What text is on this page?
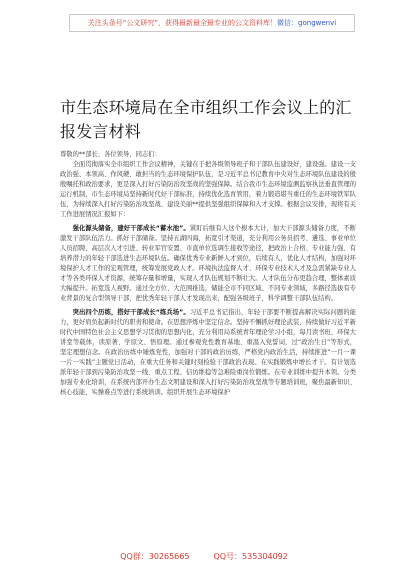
关注头条号“公文研究”，获得最新最全最专业的公文资料库！ 微信：gongwenvi
市生态环境局在全市组织工作会议上的汇报发言材料

尊敬的**部长、各位领导，同志们：

全面贯彻落实全市组织工作会议精神，关键在于把各级领导班子和干部队伍建设好，建设强。建设一支政治强、本领高、作风硬、敢担当的生态环境保护队伍，是习近平总书记教育中央对生态环境队伍建设的殷殷嘱托和政治要求，更是深入打好污染防治攻坚战的坚强保障。结合我市生态环境监测监察执法垂直管理的运行机制，市生态环境局坚持新时代好干部标准，持续优化选育管用，着力锻造堪当重任的生态环境铁军队伍，为持续深入打好污染防治攻坚战、建设美丽**提供坚强组织保障和人才支撑。根据会议安排，现将有关工作进展情况汇报如下：

强化源头储备，建好干部成长“蓄水池”。紧盯后继有人这个根本大计，加大干部源头储备力度，不断激发干部队伍活力。抓好干部储备。坚持五湖四海，拓宽引才渠道，充分利用公务员招考、遴选、事业单位人员招聘、高层次人才引进、转业军官安置、市直单位选调生接收等途径，把政治上合格、专业能力强、有培养潜力的年轻干部选进生态环境队伍。确保优秀专业新鲜人才到位，后续有人，优化人才结构，加强对环境保护人才工作的宏观管理，统筹发展党政人才。环境执法监督人才、环保专业技术人才及急需紧缺专业人才等各类环保人才资源，统筹存量和增量，实现人才队伍规划不断壮大。人才队伍分布更趋合理，整体素质大幅提升。拓宽选人视野。通过全方位、大范围推选，储能全市不同区域、不同专业领域，多路径选拔有专业背景的复合型领导干部，把优秀年轻干部人才发现出来，配强各级班子，科学调整干部队伍结构。

突出四个历练，搭好干部成长“练兵场”。习近平总书记指出，年轻干部要不断提高解决实际问题的能力，更好肩负起新时代的职责和使命。在思想淬炼中坚定信念。坚持不懈抓好理论武装，持续做好习近平新时代中国特色社会主义思想学习贯彻的思想内化，充分利用局系统青年理论学习小组，每月读书班、环保大讲堂等载体，读原著、学原文、悟原理。通过参观党性教育基地、重温入党誓词，过“政治生日”等形式，坚定理想信念。在政治历练中锤炼党性，加强对干部的政治历练，严格党内政治生活，持续推进“一月一课一片一实践”主题党日活动，在重大任务和关键时刻检验干部政治表现。在实践锻炼中增长才干。有计划选派年轻干部到污染防治攻坚一线、重点工程、信访维稳等急难险重岗位锻炼。在专业训练中提升本领。分类加强专业化培训，在系统内部开办生态文明建设和深入打好污染防治攻坚战等专题培训班，聚焦最新知识、核心技能、实操难点等进行系统培训。组织开展生态环境保护

QQ群：30265665	QQ号：535304092
